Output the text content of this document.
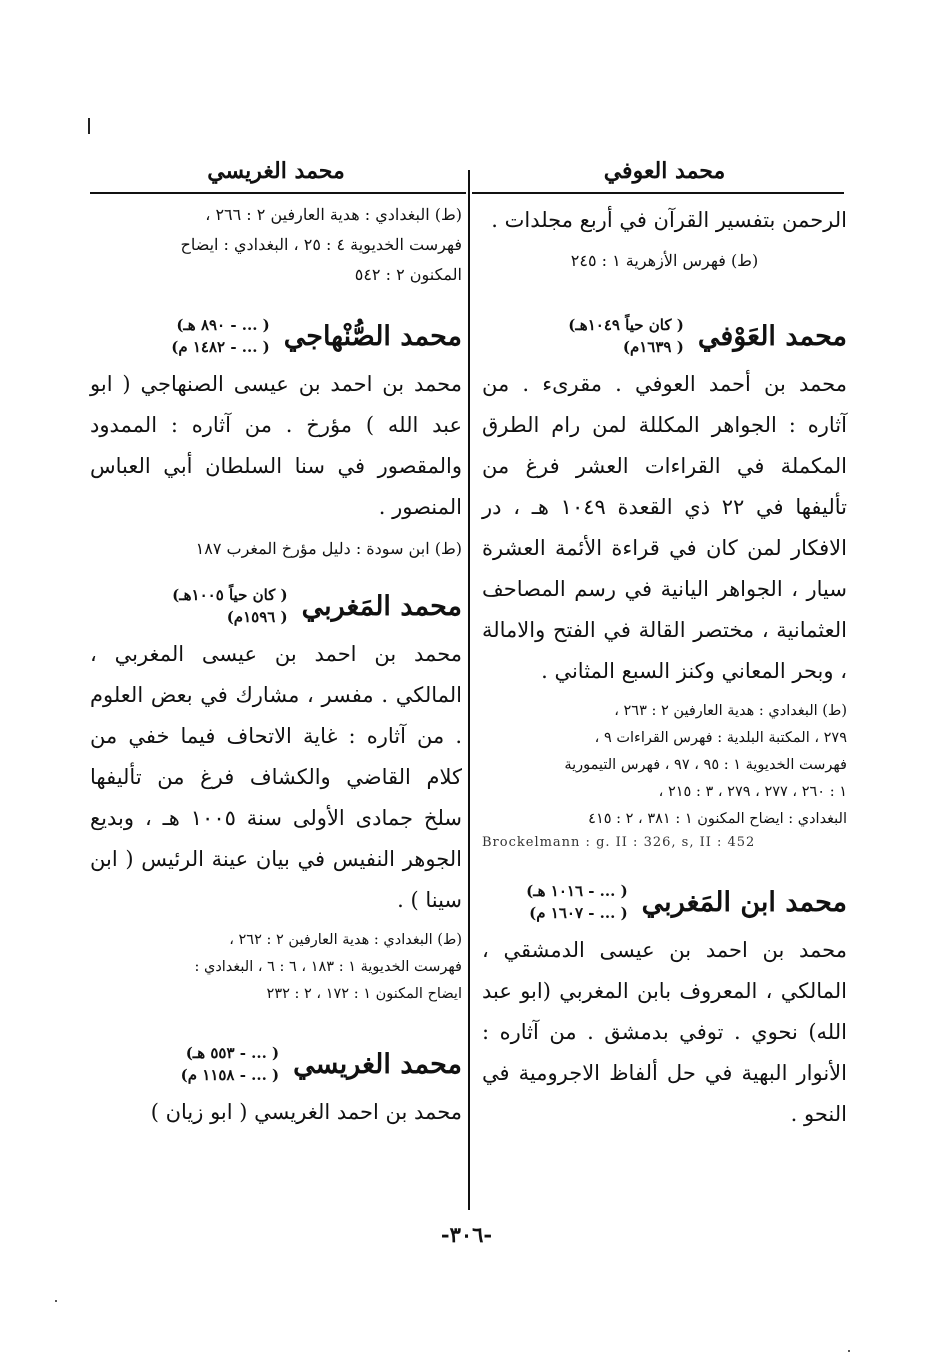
محمد العوفي
محمد الغريسي

الرحمن بتفسير القرآن في أربع مجلدات .

(ط) فهرس الأزهرية ١ : ٢٤٥

محمد العَوْفي
( كان حياً ١٠٤٩هـ)
( ١٦٣٩م)

محمد بن أحمد العوفي . مقرىء . من آثاره : الجواهر المكللة لمن رام الطرق المكملة في القراءات العشر فرغ من تأليفها في ٢٢ ذي القعدة ١٠٤٩ هـ ، در الافكار لمن كان في قراءة الأئمة العشرة سيار ، الجواهر اليانية في رسم المصاحف العثمانية ، مختصر القالة في الفتح والامالة ، وبحر المعاني وكنز السبع المثاني .

(ط) البغدادي : هدية العارفين ٢ : ٢٦٣ ،

٢٧٩ ، المكتبة البلدية : فهرس القراءات ٩ ،

فهرست الخديوية ١ : ٩٥ ، ٩٧ ، فهرس التيمورية

١ : ٢٦٠ ، ٢٧٧ ، ٢٧٩ ، ٣ : ٢١٥ ،

البغدادي : ايضاح المكنون ١ : ٣٨١ ، ٢ : ٤١٥

Brockelmann : g. II : 326, s, II : 452

محمد ابن المَغربي
( ... - ١٠١٦ هـ)
( ... - ١٦٠٧ م)

محمد بن احمد بن عيسى الدمشقي ، المالكي ، المعروف بابن المغربي (ابو عبد الله) نحوي . توفي بدمشق . من آثاره : الأنوار البهية في حل ألفاظ الاجرومية في النحو .

(ط) البغدادي : هدية العارفين ٢ : ٢٦٦ ،

فهرست الخديوية ٤ : ٢٥ ، البغدادي : ايضاح

المكنون ٢ : ٥٤٢

محمد الصُّنْهاجي
( ... - ٨٩٠ هـ)
( ... - ١٤٨٢ م)

محمد بن احمد بن عيسى الصنهاجي ( ابو عبد الله ) مؤرخ . من آثاره : الممدود والمقصور في سنا السلطان أبي العباس المنصور .

(ط) ابن سودة : دليل مؤرخ المغرب ١٨٧

محمد المَغربي
( كان حياً ١٠٠٥هـ)
( ١٥٩٦م)

محمد بن احمد بن عيسى المغربي ، المالكي . مفسر ، مشارك في بعض العلوم . من آثاره : غاية الاتحاف فيما خفي من كلام القاضي والكشاف فرغ من تأليفها سلخ جمادى الأولى سنة ١٠٠٥ هـ ، وبديع الجوهر النفيس في بيان عينة الرئيس ( ابن سينا ) .

(ط) البغدادي : هدية العارفين ٢ : ٢٦٢ ،

فهرست الخديوية ١ : ١٨٣ ، ٦ : ٦ ، البغدادي :

ايضاح المكنون ١ : ١٧٢ ، ٢ : ٢٣٢

محمد الغريسي
( ... - ٥٥٣ هـ)
( ... - ١١٥٨ م)

محمد بن احمد الغريسي ( ابو زيان )

-٣٠٦-
